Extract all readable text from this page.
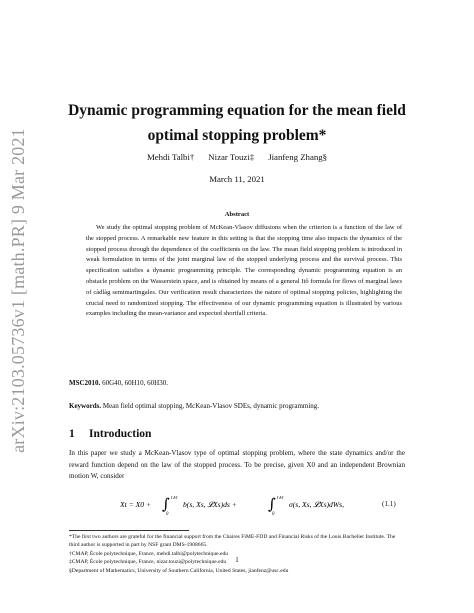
arXiv:2103.05736v1 [math.PR] 9 Mar 2021
Dynamic programming equation for the mean field
optimal stopping problem*
Mehdi Talbi† Nizar Touzi‡ Jianfeng Zhang§
March 11, 2021
Abstract
We study the optimal stopping problem of McKean-Vlasov diffusions when the criterion is a function of the law of the stopped process. A remarkable new feature in this setting is that the stopping time also impacts the dynamics of the stopped process through the dependence of the coefficients on the law. The mean field stopping problem is introduced in weak formulation in terms of the joint marginal law of the stopped underlying process and the survival process. This specification satisfies a dynamic programming principle. The corresponding dynamic programming equation is an obstacle problem on the Wasserstein space, and is obtained by means of a general Itô formula for flows of marginal laws of càdlàg semimartingales. Our verification result characterizes the nature of optimal stopping policies, highlighting the crucial need to randomized stopping. The effectiveness of our dynamic programming equation is illustrated by various examples including the mean-variance and expected shortfall criteria.
MSC2010. 60G40, 60H10, 60H30.
Keywords. Mean field optimal stopping, McKean-Vlasov SDEs, dynamic programming.
1 Introduction
In this paper we study a McKean-Vlasov type of optimal stopping problem, where the state dynamics and/or the reward function depend on the law of the stopped process. To be precise, given X0 and an independent Brownian motion W, consider
Xt = X0 + ∫ t∧τ
0
b(s, Xs, 𝓛Xs)ds + ∫ t∧τ
0
σ(s, Xs, 𝓛Xs)dWs,	(1.1)

*The first two authors are grateful for the financial support from the Chaires FiME-FDD and Financial Risks of the Louis Bachelier Institute. The third author is supported in part by NSF grant DMS-1908665.

†CMAP, École polytechnique, France, mehdi.talbi@polytechnique.edu

‡CMAP, École polytechnique, France, nizar.touzi@polytechnique.edu

§Department of Mathematics, University of Southern California, United States, jianfenz@usc.edu

1
